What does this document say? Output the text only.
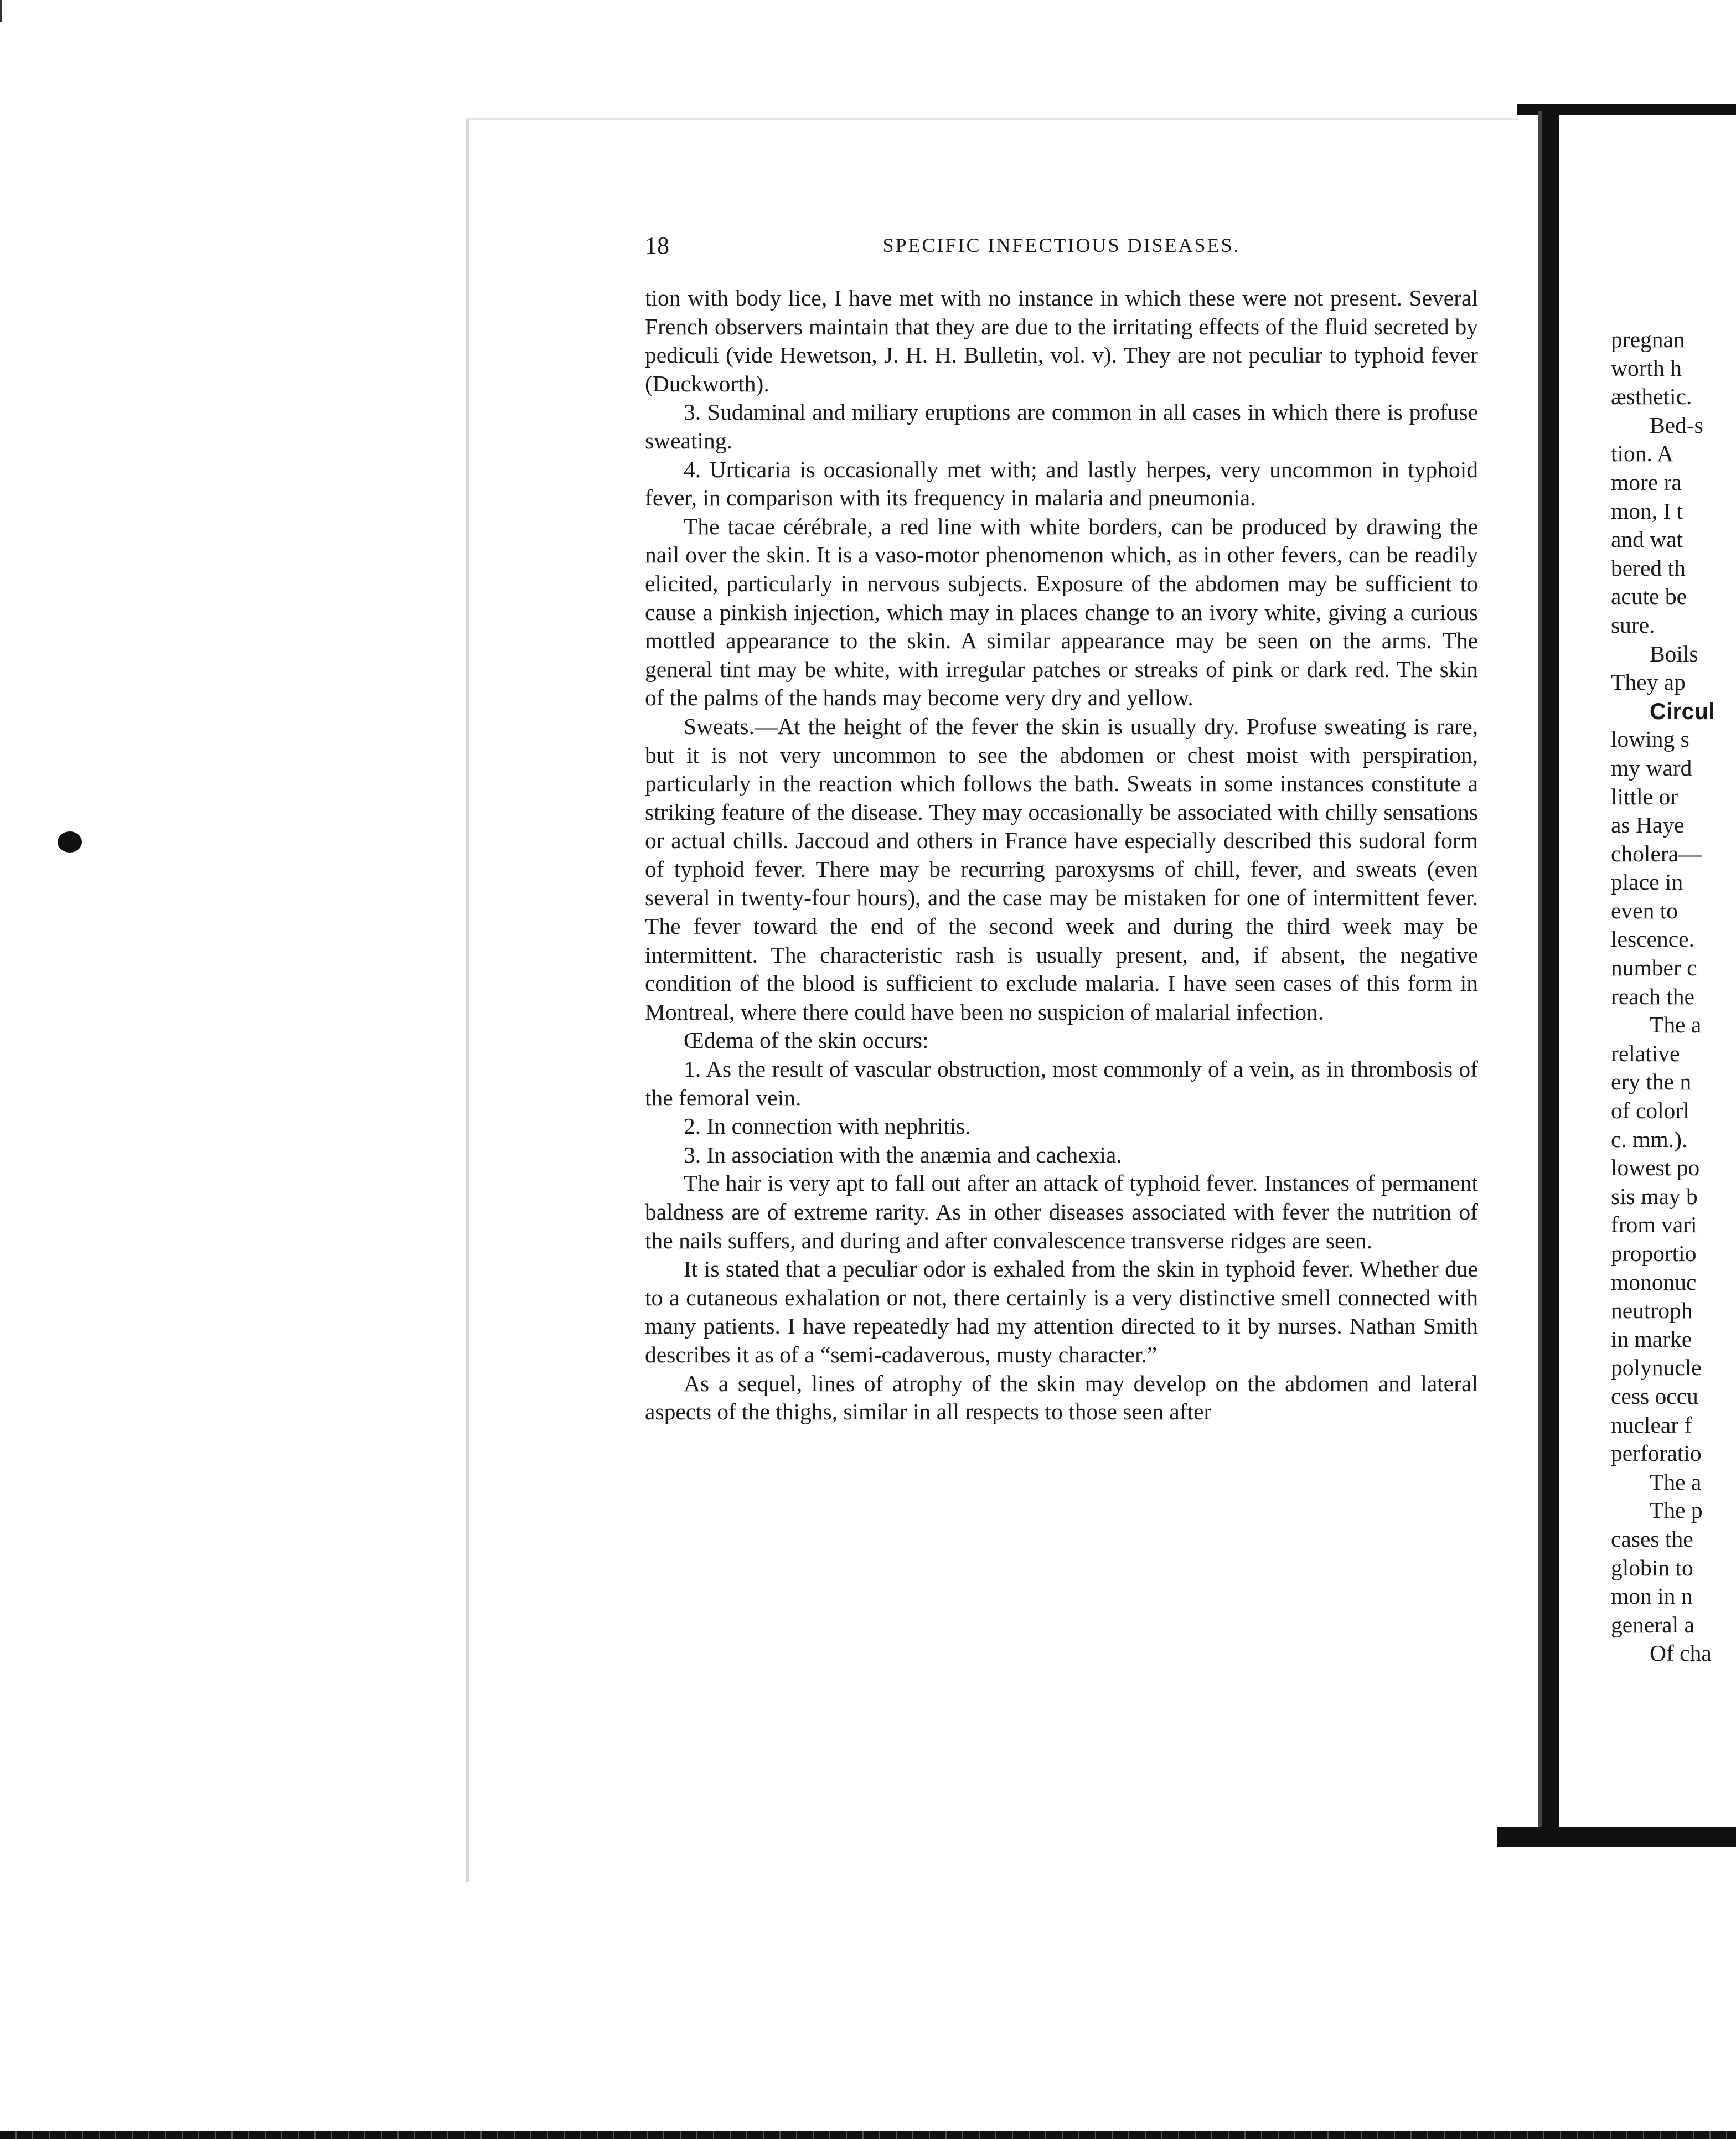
18	SPECIFIC INFECTIOUS DISEASES.

tion with body lice, I have met with no instance in which these were not present. Several French observers maintain that they are due to the irritating effects of the fluid secreted by pediculi (vide Hewetson, J. H. H. Bulletin, vol. v). They are not peculiar to typhoid fever (Duckworth).

3. Sudaminal and miliary eruptions are common in all cases in which there is profuse sweating.

4. Urticaria is occasionally met with; and lastly herpes, very uncommon in typhoid fever, in comparison with its frequency in malaria and pneumonia.

The tacae cérébrale, a red line with white borders, can be produced by drawing the nail over the skin. It is a vaso-motor phenomenon which, as in other fevers, can be readily elicited, particularly in nervous subjects. Exposure of the abdomen may be sufficient to cause a pinkish injection, which may in places change to an ivory white, giving a curious mottled appearance to the skin. A similar appearance may be seen on the arms. The general tint may be white, with irregular patches or streaks of pink or dark red. The skin of the palms of the hands may become very dry and yellow.

Sweats.—At the height of the fever the skin is usually dry. Profuse sweating is rare, but it is not very uncommon to see the abdomen or chest moist with perspiration, particularly in the reaction which follows the bath. Sweats in some instances constitute a striking feature of the disease. They may occasionally be associated with chilly sensations or actual chills. Jaccoud and others in France have especially described this sudoral form of typhoid fever. There may be recurring paroxysms of chill, fever, and sweats (even several in twenty-four hours), and the case may be mistaken for one of intermittent fever. The fever toward the end of the second week and during the third week may be intermittent. The characteristic rash is usually present, and, if absent, the negative condition of the blood is sufficient to exclude malaria. I have seen cases of this form in Montreal, where there could have been no suspicion of malarial infection.

Œdema of the skin occurs:

1. As the result of vascular obstruction, most commonly of a vein, as in thrombosis of the femoral vein.

2. In connection with nephritis.

3. In association with the anæmia and cachexia.

The hair is very apt to fall out after an attack of typhoid fever. Instances of permanent baldness are of extreme rarity. As in other diseases associated with fever the nutrition of the nails suffers, and during and after convalescence transverse ridges are seen.

It is stated that a peculiar odor is exhaled from the skin in typhoid fever. Whether due to a cutaneous exhalation or not, there certainly is a very distinctive smell connected with many patients. I have repeatedly had my attention directed to it by nurses. Nathan Smith describes it as of a “semi-cadaverous, musty character.”

As a sequel, lines of atrophy of the skin may develop on the abdomen and lateral aspects of the thighs, similar in all respects to those seen after

pregnan
worth h
æsthetic.
Bed-s
tion. A
more ra
mon, I t
and wat
bered th
acute be
sure.
Boils
They ap
Circul
lowing s
my ward
little or
as Haye
cholera—
place in
even to
lescence.
number c
reach the
The a
relative
ery the n
of colorl
c. mm.).
lowest po
sis may b
from vari
proportio
mononuc
neutroph
in marke
polynucle
cess occu
nuclear f
perforatio
The a
The p
cases the
globin to
mon in n
general a
Of cha
